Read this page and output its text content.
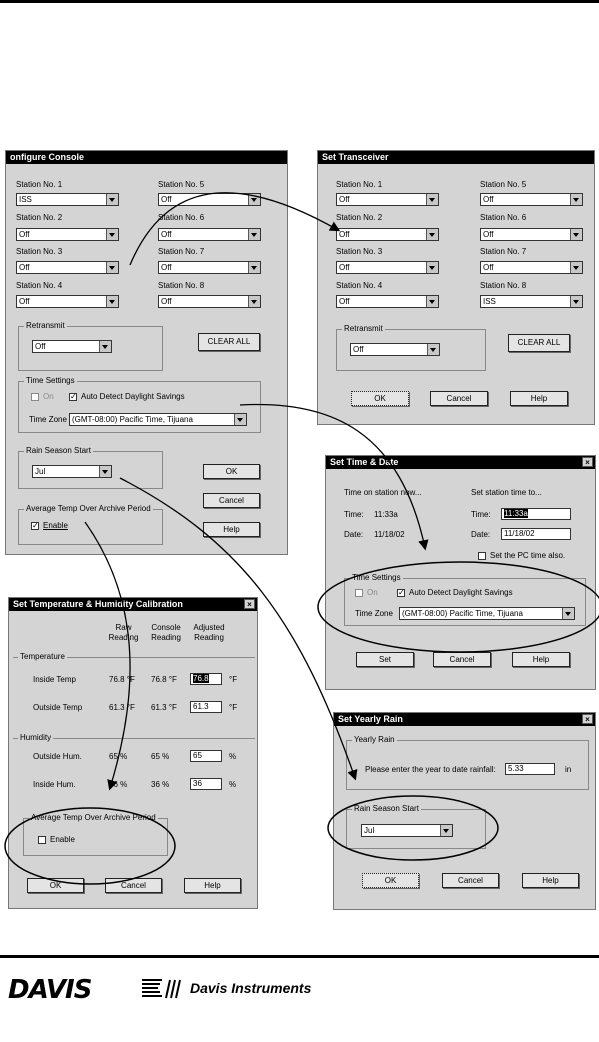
onfigure Console
Station No. 1
ISS
Station No. 2
Off
Station No. 3
Off
Station No. 4
Off
Station No. 5
Off
Station No. 6
Off
Station No. 7
Off
Station No. 8
Off
Retransmit
Off
CLEAR ALL
Time Settings
On ✓ Auto Detect Daylight Savings
Time Zone (GMT-08:00) Pacific Time, Tijuana
Rain Season Start
Jul
Average Temp Over Archive Period
✓ Enable
OK
Cancel
Help
Set Transceiver
Station No. 1
Off
Station No. 2
Off
Station No. 3
Off
Station No. 4
Off
Station No. 5
Off
Station No. 6
Off
Station No. 7
Off
Station No. 8
ISS
Retransmit
Off
CLEAR ALL
OK	Cancel	Help
Set Time & Date	×
Time on station now...	Set station time to...
Time: 11:33a
Date: 11/18/02
Time:	11:33a
Date:	11/18/02
Set the PC time also.
Time Settings
On	✓ Auto Detect Daylight Savings
Time Zone	(GMT-08:00) Pacific Time, Tijuana
Set	Cancel	Help
Set Temperature & Humidity Calibration	×
Raw Reading
Console Reading
Adjusted Reading
Temperature
Inside Temp	76.8 °F 76.8 °F	76.8	°F
Outside Temp	61.3 °F 61.3 °F	61.3	°F
Humidity
Outside Hum.	65 %	65 %	65	%
Inside Hum.	36 %	36 %	36	%
Average Temp Over Archive Period
Enable
OK	Cancel	Help
Set Yearly Rain	×
Yearly Rain
Please enter the year to date rainfall:	5.33	in
Rain Season Start
Jul
OK	Cancel	Help
DAVIS	Davis Instruments
